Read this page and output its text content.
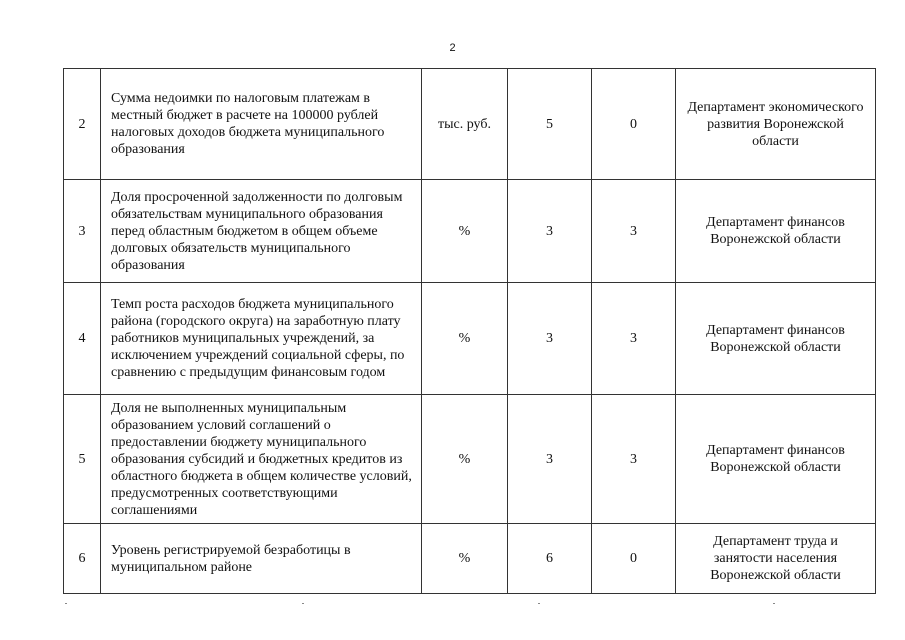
2
2	Сумма недоимки по налоговым платежам в местный бюджет в расчете на 100000 рублей налоговых доходов бюджета муниципального образования	тыс. руб.	5	0	Департамент экономического развития Воронежской области
3	Доля просроченной задолженности по долговым обязательствам муниципального образования перед областным бюджетом в общем объеме долговых обязательств муниципального образования	%	3	3	Департамент финансов Воронежской области
4	Темп роста расходов бюджета муниципального района (городского округа) на заработную плату работников муниципальных учреждений, за исключением учреждений социальной сферы, по сравнению с предыдущим финансовым годом	%	3	3	Департамент финансов Воронежской области
5	Доля не выполненных муниципальным образованием условий соглашений о предоставлении бюджету муниципального образования субсидий и бюджетных кредитов из областного бюджета в общем количестве условий, предусмотренных соответствующими соглашениями	%	3	3	Департамент финансов Воронежской области
6	Уровень регистрируемой безработицы в муниципальном районе	%	6	0	Департамент труда и занятости населения Воронежской области
